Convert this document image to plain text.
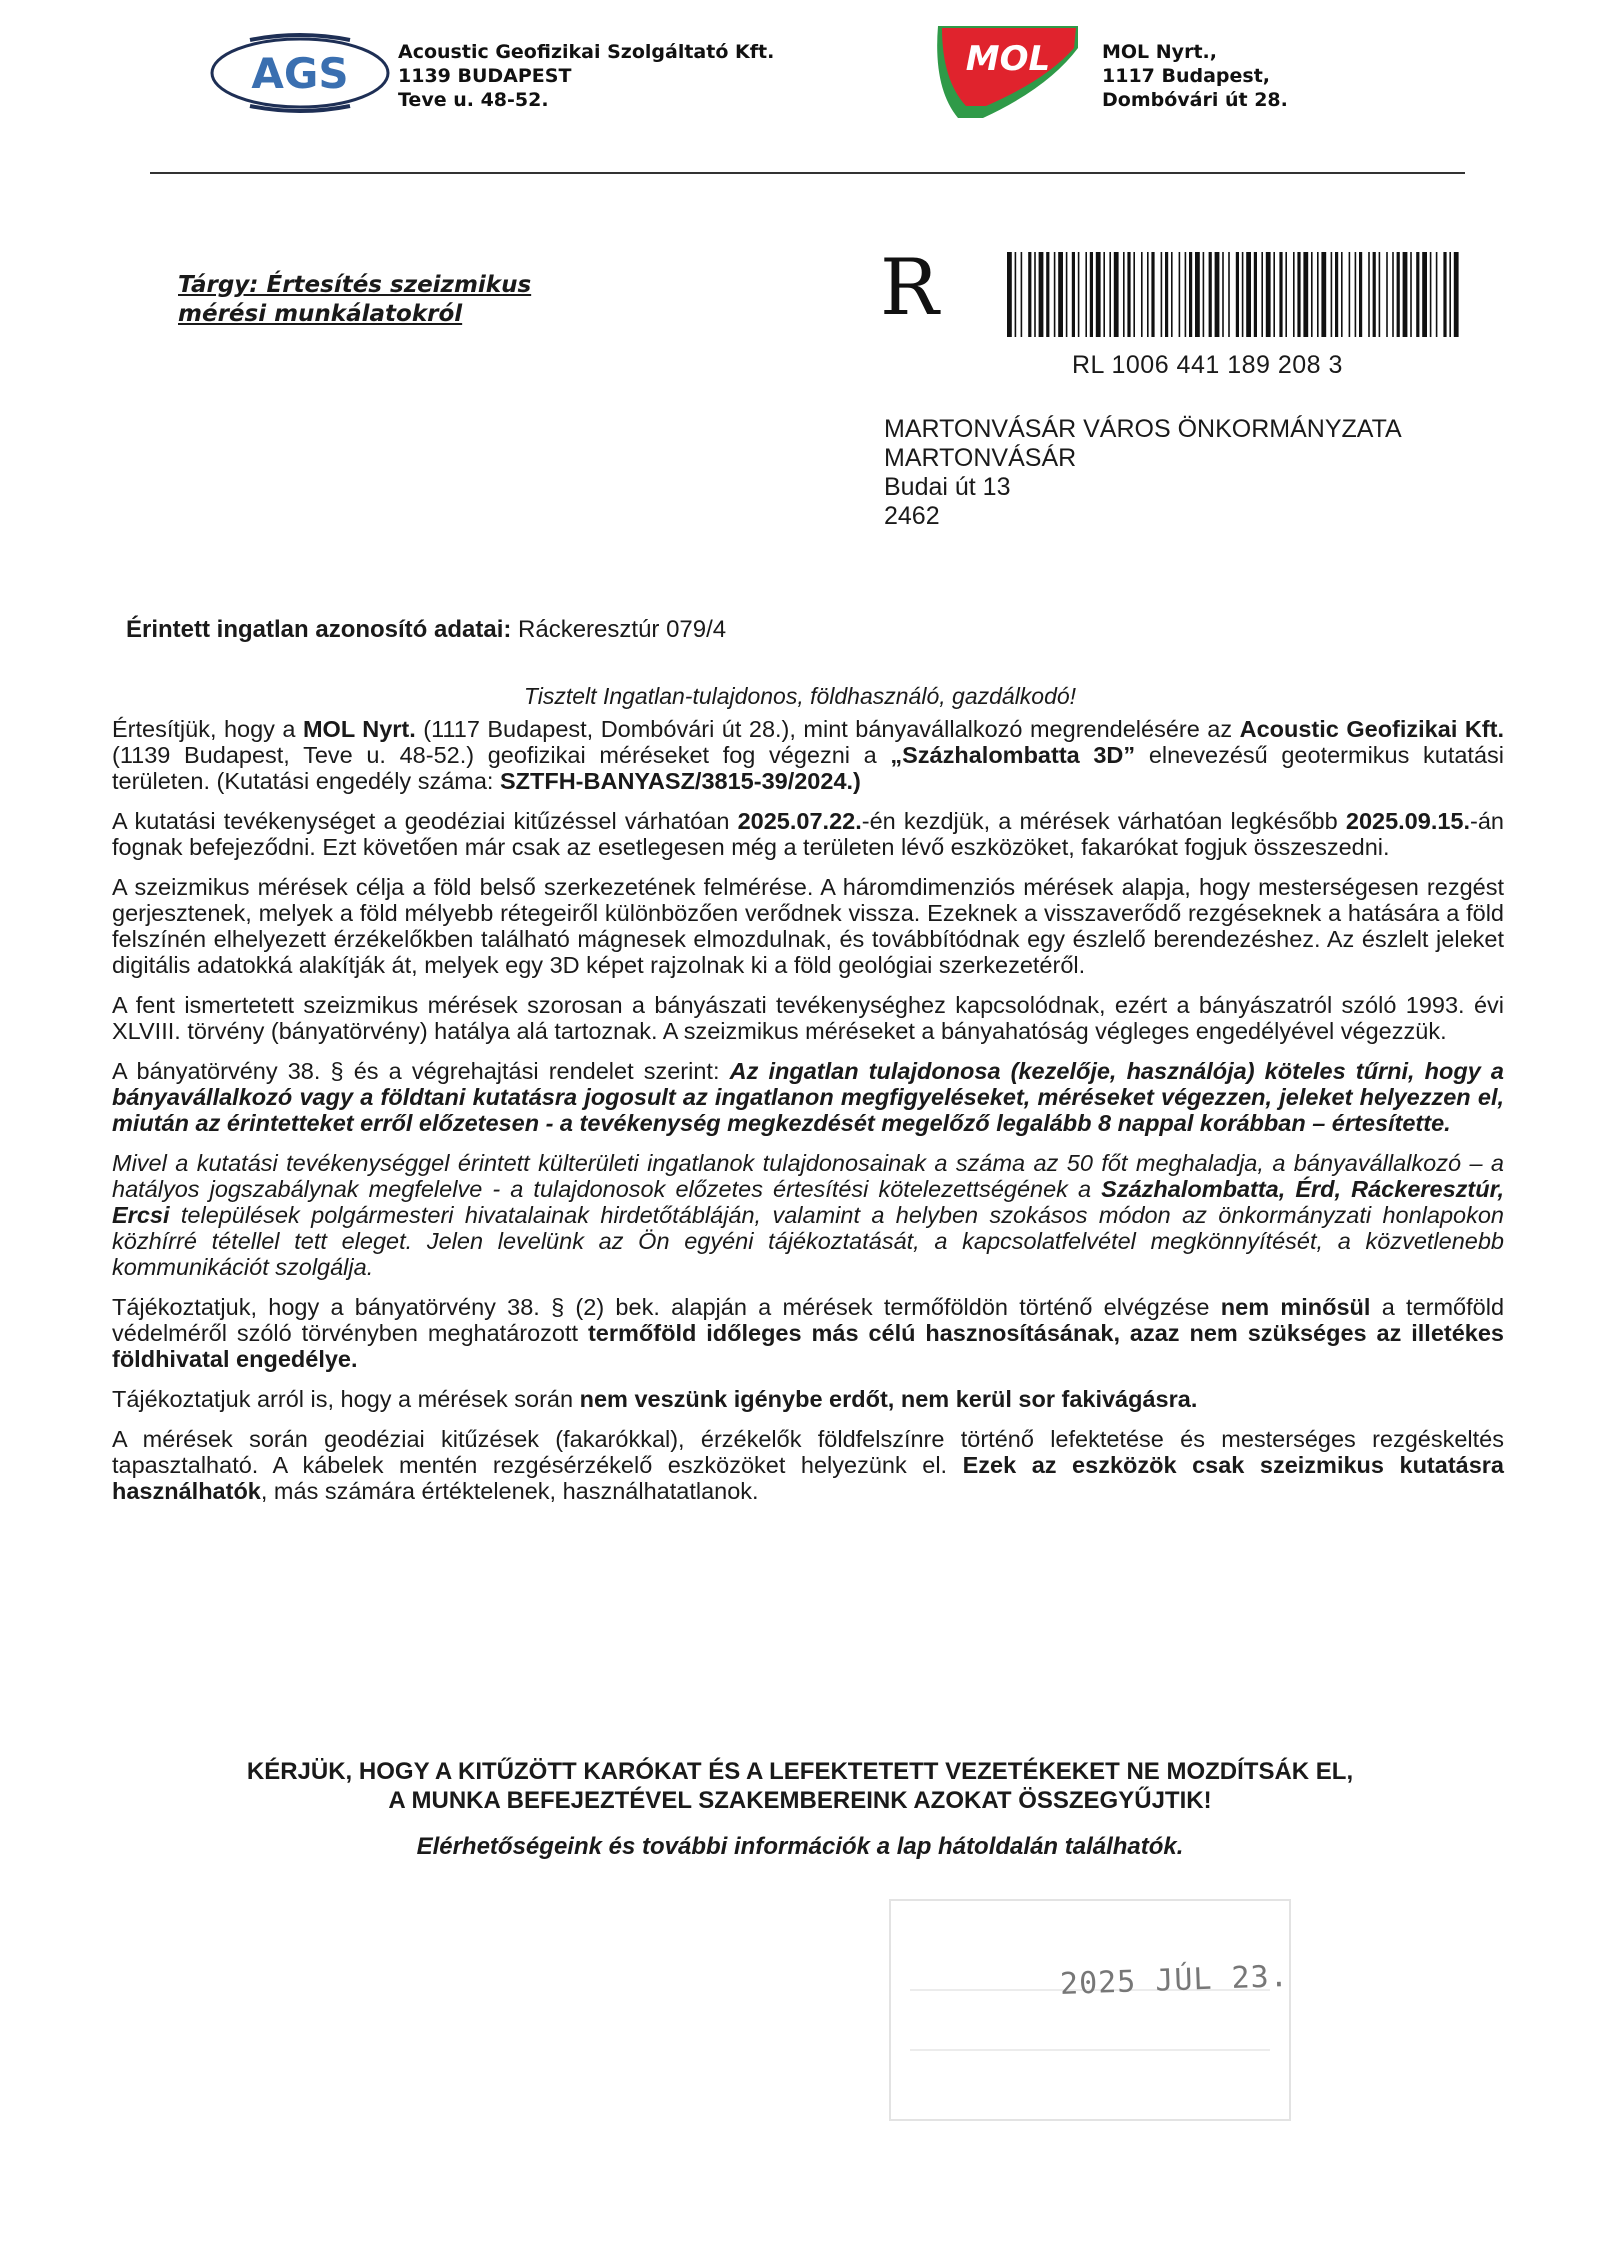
AGS	Acoustic Geofizikai Szolgáltató Kft.
1139 BUDAPEST
Teve u. 48-52.
MOL	MOL Nyrt.,
1117 Budapest,
Dombóvári út 28.
Tárgy: Értesítés szeizmikus
mérési munkálatokról	R
RL 1006 441 189 208 3
MARTONVÁSÁR VÁROS ÖNKORMÁNYZATA
MARTONVÁSÁR
Budai út 13
2462
Érintett ingatlan azonosító adatai: Ráckeresztúr 079/4
Tisztelt Ingatlan-tulajdonos, földhasználó, gazdálkodó!

Értesítjük, hogy a MOL Nyrt. (1117 Budapest, Dombóvári út 28.), mint bányavállalkozó megrendelésére az Acoustic Geofizikai Kft. (1139 Budapest, Teve u. 48-52.) geofizikai méréseket fog végezni a „Százhalombatta 3D” elnevezésű geotermikus kutatási területen. (Kutatási engedély száma: SZTFH-BANYASZ/3815-39/2024.)

A kutatási tevékenységet a geodéziai kitűzéssel várhatóan 2025.07.22.-én kezdjük, a mérések várhatóan legkésőbb 2025.09.15.-án fognak befejeződni. Ezt követően már csak az esetlegesen még a területen lévő eszközöket, fakarókat fogjuk összeszedni.

A szeizmikus mérések célja a föld belső szerkezetének felmérése. A háromdimenziós mérések alapja, hogy mesterségesen rezgést gerjesztenek, melyek a föld mélyebb rétegeiről különbözően verődnek vissza. Ezeknek a visszaverődő rezgéseknek a hatására a föld felszínén elhelyezett érzékelőkben található mágnesek elmozdulnak, és továbbítódnak egy észlelő berendezéshez. Az észlelt jeleket digitális adatokká alakítják át, melyek egy 3D képet rajzolnak ki a föld geológiai szerkezetéről.

A fent ismertetett szeizmikus mérések szorosan a bányászati tevékenységhez kapcsolódnak, ezért a bányászatról szóló 1993. évi XLVIII. törvény (bányatörvény) hatálya alá tartoznak. A szeizmikus méréseket a bányahatóság végleges engedélyével végezzük.

A bányatörvény 38. § és a végrehajtási rendelet szerint: Az ingatlan tulajdonosa (kezelője, használója) köteles tűrni, hogy a bányavállalkozó vagy a földtani kutatásra jogosult az ingatlanon megfigyeléseket, méréseket végezzen, jeleket helyezzen el, miután az érintetteket erről előzetesen - a tevékenység megkezdését megelőző legalább 8 nappal korábban – értesítette.

Mivel a kutatási tevékenységgel érintett külterületi ingatlanok tulajdonosainak a száma az 50 főt meghaladja, a bányavállalkozó – a hatályos jogszabálynak megfelelve - a tulajdonosok előzetes értesítési kötelezettségének a Százhalombatta, Érd, Ráckeresztúr, Ercsi települések polgármesteri hivatalainak hirdetőtábláján, valamint a helyben szokásos módon az önkormányzati honlapokon közhírré tétellel tett eleget. Jelen levelünk az Ön egyéni tájékoztatását, a kapcsolatfelvétel megkönnyítését, a közvetlenebb kommunikációt szolgálja.

Tájékoztatjuk, hogy a bányatörvény 38. § (2) bek. alapján a mérések termőföldön történő elvégzése nem minősül a termőföld védelméről szóló törvényben meghatározott termőföld időleges más célú hasznosításának, azaz nem szükséges az illetékes földhivatal engedélye.

Tájékoztatjuk arról is, hogy a mérések során nem veszünk igénybe erdőt, nem kerül sor fakivágásra.

A mérések során geodéziai kitűzések (fakarókkal), érzékelők földfelszínre történő lefektetése és mesterséges rezgéskeltés tapasztalható. A kábelek mentén rezgésérzékelő eszközöket helyezünk el. Ezek az eszközök csak szeizmikus kutatásra használhatók, más számára értéktelenek, használhatatlanok.

KÉRJÜK, HOGY A KITŰZÖTT KARÓKAT ÉS A LEFEKTETETT VEZETÉKEKET NE MOZDÍTSÁK EL,
A MUNKA BEFEJEZTÉVEL SZAKEMBEREINK AZOKAT ÖSSZEGYŰJTIK!
Elérhetőségeink és további információk a lap hátoldalán találhatók.
2025 JÚL 23.
